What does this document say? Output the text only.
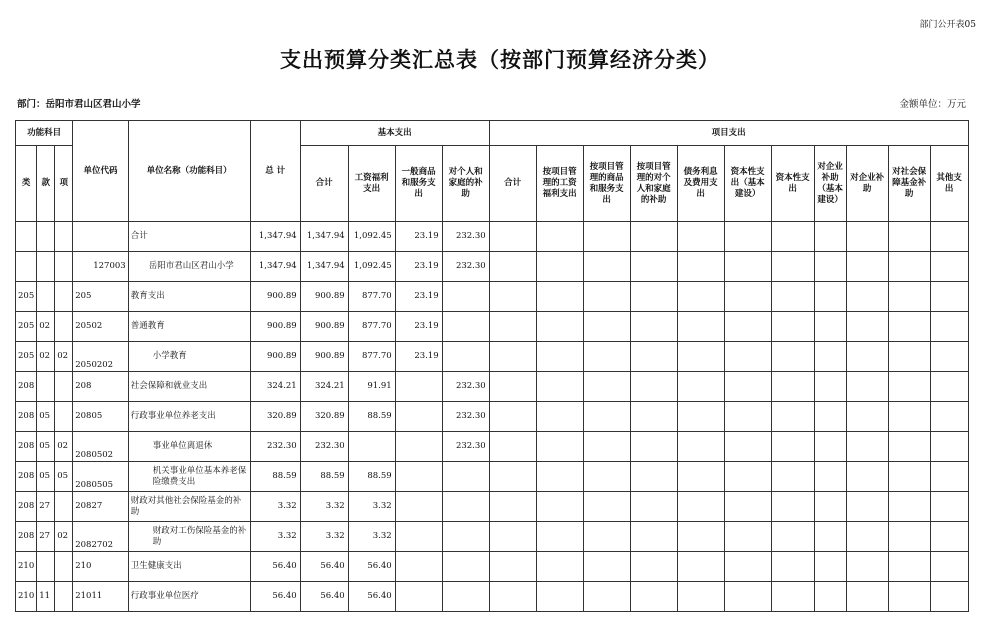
部门公开表05
支出预算分类汇总表（按部门预算经济分类）
部门：岳阳市君山区君山小学	金额单位：万元
功能科目			单位代码	单位名称（功能科目）	总 计	基本支出				项目支出										
类	款	项				合计	工资福利支出	一般商品和服务支出	对个人和家庭的补助	合计	按项目管理的工资福利支出	按项目管理的商品和服务支出	按项目管理的对个人和家庭的补助	债务利息及费用支出	资本性支出（基本建设）	资本性支出	对企业补助（基本建设）	对企业补助	对社会保障基金补助	其他支出
				合计	1,347.94	1,347.94	1,092.45	23.19	232.30											
			127003	岳阳市君山区君山小学	1,347.94	1,347.94	1,092.45	23.19	232.30											
205			205	教育支出	900.89	900.89	877.70	23.19												
205	02		20502	普通教育	900.89	900.89	877.70	23.19												
205	02	02	2050202	小学教育	900.89	900.89	877.70	23.19												
208			208	社会保障和就业支出	324.21	324.21	91.91		232.30											
208	05		20805	行政事业单位养老支出	320.89	320.89	88.59		232.30											
208	05	02	2080502	事业单位离退休	232.30	232.30			232.30											
208	05	05	2080505	机关事业单位基本养老保险缴费支出	88.59	88.59	88.59													
208	27		20827	财政对其他社会保险基金的补助	3.32	3.32	3.32													
208	27	02	2082702	财政对工伤保险基金的补助	3.32	3.32	3.32													
210			210	卫生健康支出	56.40	56.40	56.40													
210	11		21011	行政事业单位医疗	56.40	56.40	56.40													
